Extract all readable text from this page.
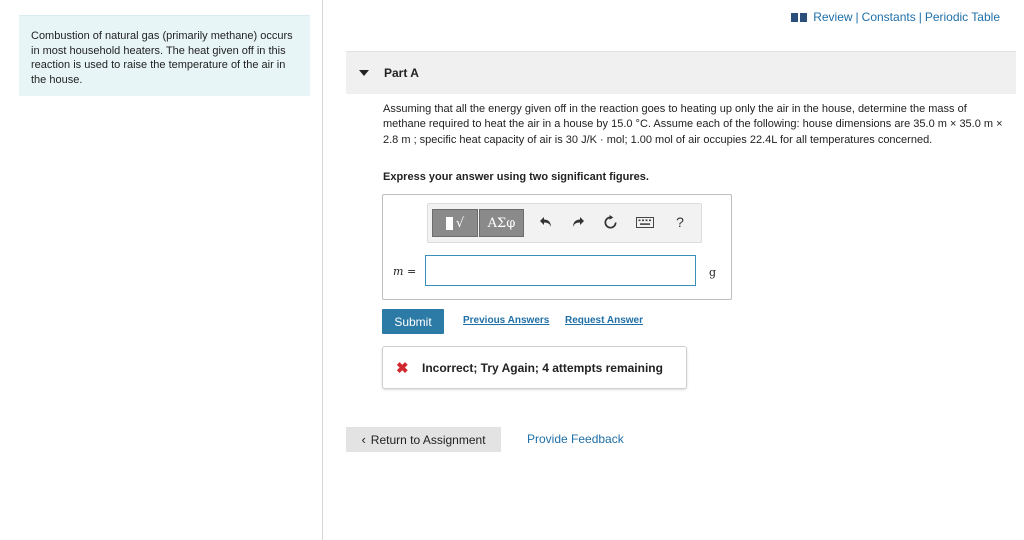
Combustion of natural gas (primarily methane) occurs in most household heaters. The heat given off in this reaction is used to raise the temperature of the air in the house.
Review | Constants | Periodic Table
Part A
Assuming that all the energy given off in the reaction goes to heating up only the air in the house, determine the mass of methane required to heat the air in a house by 15.0 °C. Assume each of the following: house dimensions are 35.0 m × 35.0 m × 2.8 m ; specific heat capacity of air is 30 J/K · mol; 1.00 mol of air occupies 22.4L for all temperatures concerned.
Express your answer using two significant figures.
√	ΑΣφ	?
m =	g
Submit	Previous Answers Request Answer
✖ Incorrect; Try Again; 4 attempts remaining
‹ Return to Assignment	Provide Feedback
